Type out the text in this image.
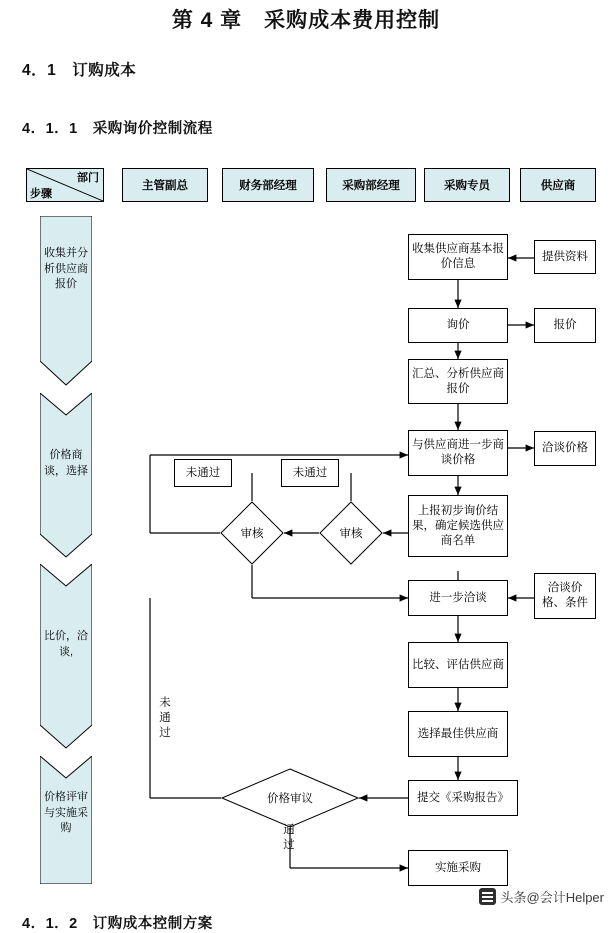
第 4 章　采购成本费用控制
4．1　订购成本
4．1．1　采购询价控制流程
4．1．2　订购成本控制方案
部门
步骤
主管副总	财务部经理	采购部经理	采购专员	供应商
收集并分析供应商报价
价格商谈，选择
比价，洽谈,
价格评审与实施采购
收集供应商基本报价信息
提供资料
询价	报价
汇总、分析供应商报价
与供应商进一步商谈价格
洽谈价格
上报初步询价结果，确定候选供应商名单
进一步洽谈
洽谈价格、条件
比较、评估供应商
选择最佳供应商
提交《采购报告》
实施采购
审核	审核
价格审议
未通过	未通过
未通过
通过
头条@会计Helper
